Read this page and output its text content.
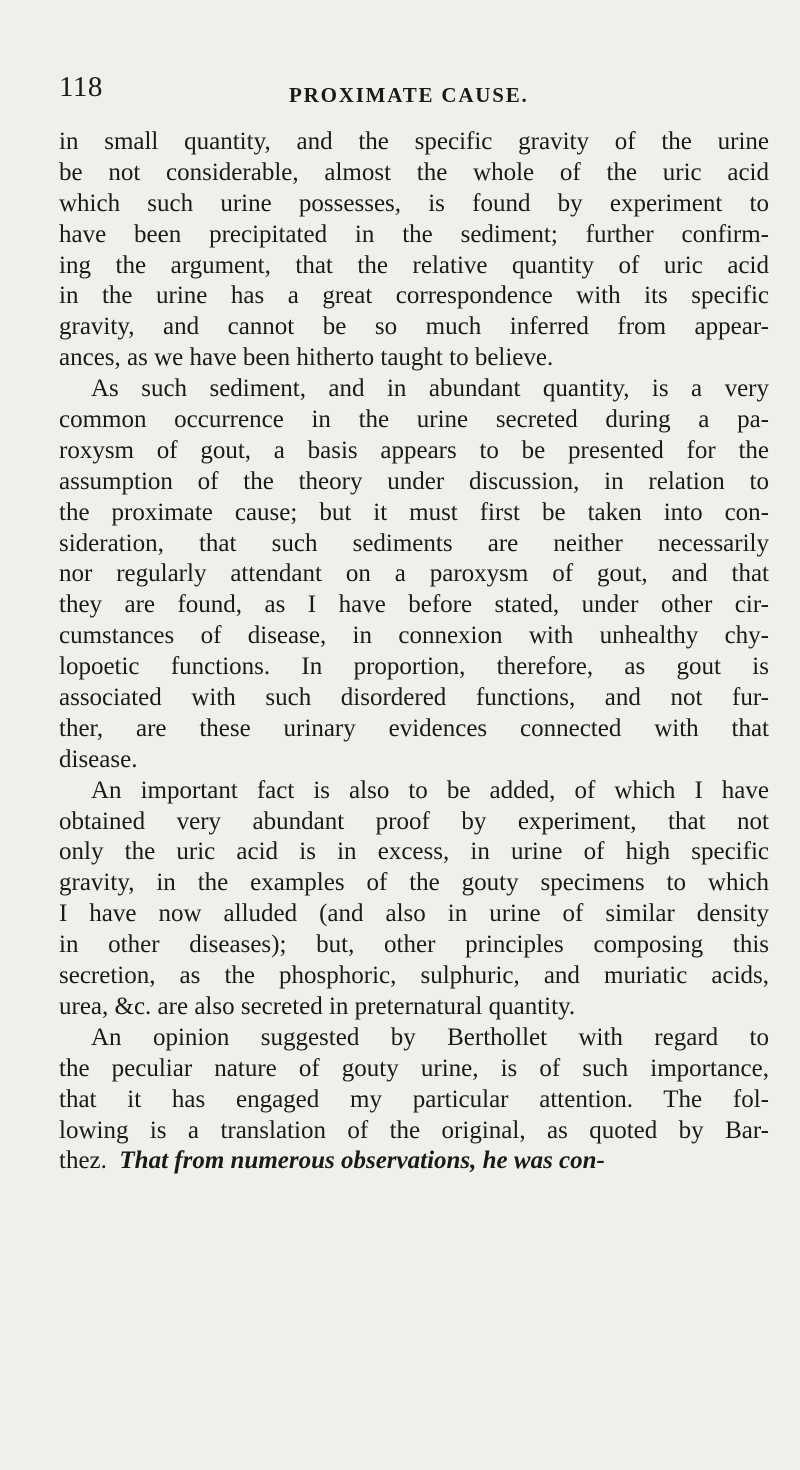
118	PROXIMATE CAUSE.
in small quantity, and the specific gravity of the urine
be not considerable, almost the whole of the uric acid
which such urine possesses, is found by experiment to
have been precipitated in the sediment; further confirm-
ing the argument, that the relative quantity of uric acid
in the urine has a great correspondence with its specific
gravity, and cannot be so much inferred from appear-
ances, as we have been hitherto taught to believe.
As such sediment, and in abundant quantity, is a very
common occurrence in the urine secreted during a pa-
roxysm of gout, a basis appears to be presented for the
assumption of the theory under discussion, in relation to
the proximate cause; but it must first be taken into con-
sideration, that such sediments are neither necessarily
nor regularly attendant on a paroxysm of gout, and that
they are found, as I have before stated, under other cir-
cumstances of disease, in connexion with unhealthy chy-
lopoetic functions. In proportion, therefore, as gout is
associated with such disordered functions, and not fur-
ther, are these urinary evidences connected with that
disease.
An important fact is also to be added, of which I have
obtained very abundant proof by experiment, that not
only the uric acid is in excess, in urine of high specific
gravity, in the examples of the gouty specimens to which
I have now alluded (and also in urine of similar density
in other diseases); but, other principles composing this
secretion, as the phosphoric, sulphuric, and muriatic acids,
urea, &c. are also secreted in preternatural quantity.
An opinion suggested by Berthollet with regard to
the peculiar nature of gouty urine, is of such importance,
that it has engaged my particular attention. The fol-
lowing is a translation of the original, as quoted by Bar-
thez. That from numerous observations, he was con-
